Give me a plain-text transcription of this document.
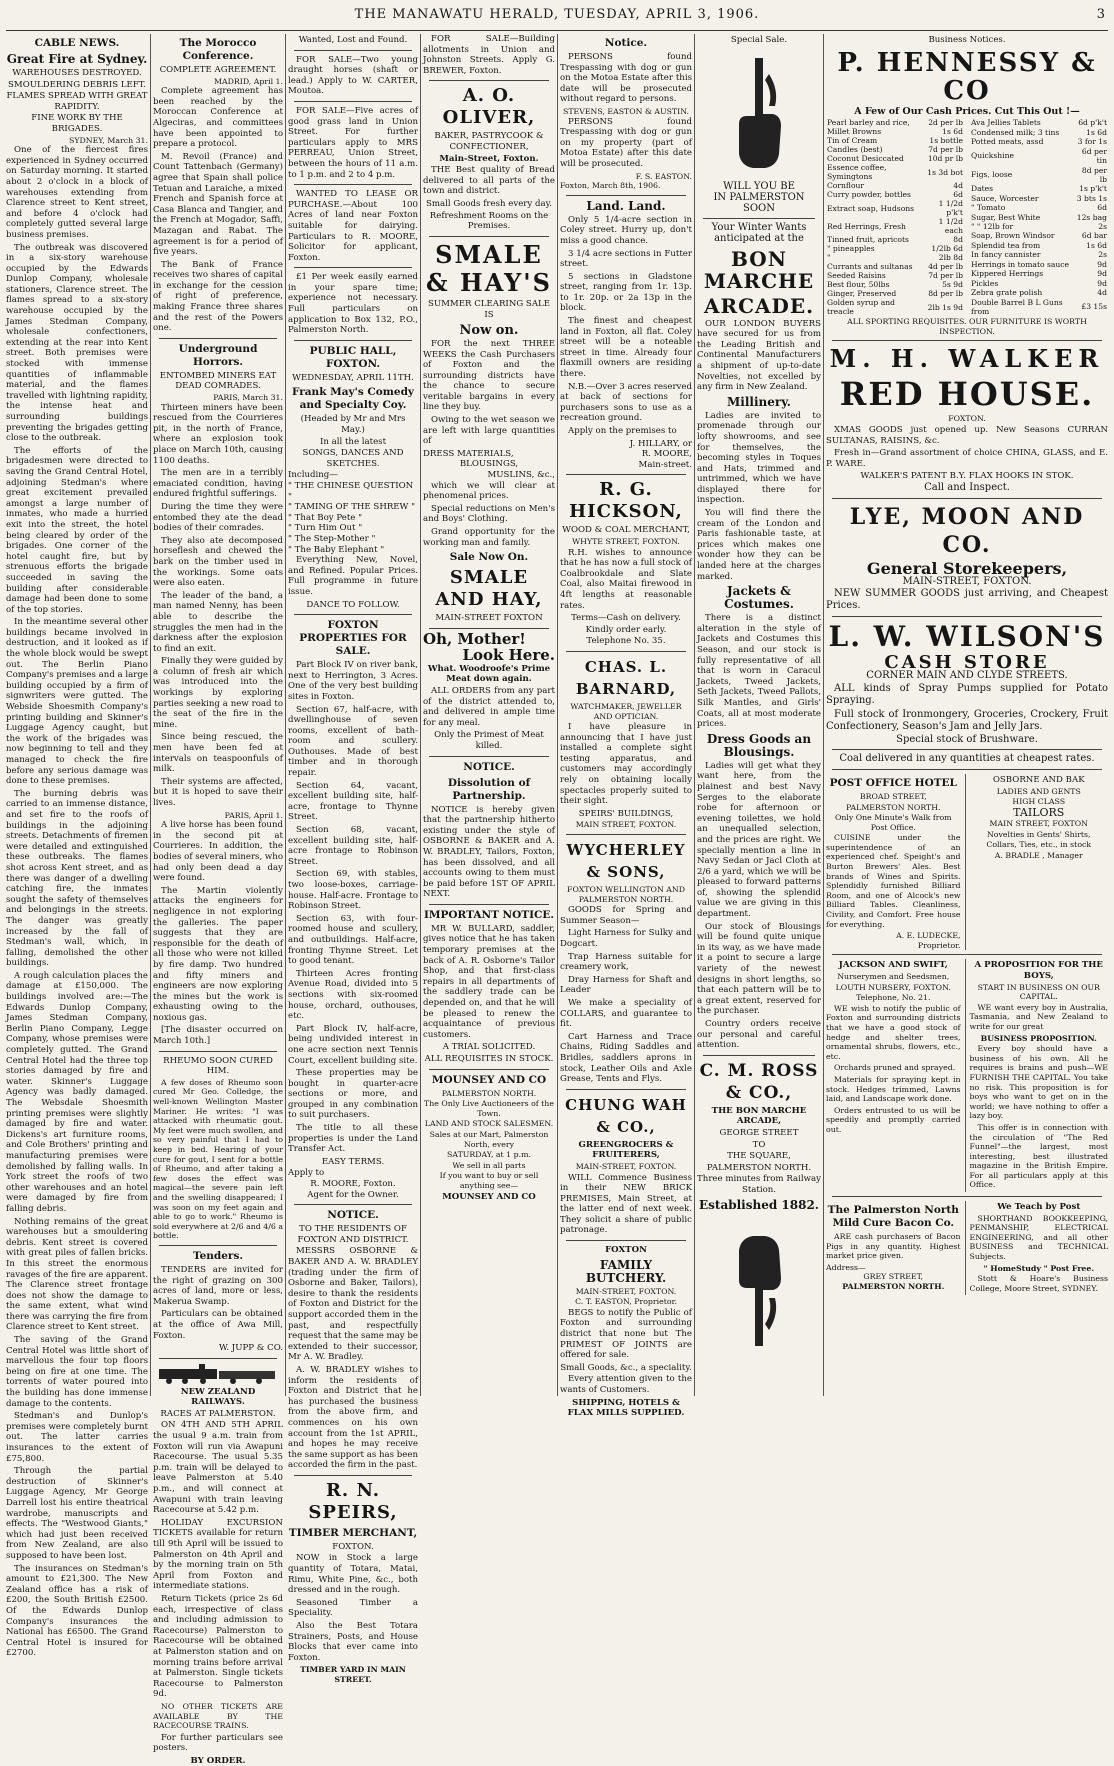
THE MANAWATU HERALD, TUESDAY, APRIL 3, 1906.	3
CABLE NEWS.
Great Fire at Sydney.
WAREHOUSES DESTROYED.
SMOULDERING DEBRIS LEFT.
FLAMES SPREAD WITH GREAT RAPIDITY.
FINE WORK BY THE BRIGADES.
SYDNEY, March 31.

One of the fiercest fires experienced in Sydney occurred on Saturday morning. It started about 2 o'clock in a block of warehouses extending from Clarence street to Kent street, and before 4 o'clock had completely gutted several large business premises.

The outbreak was discovered in a six-story warehouse occupied by the Edwards Dunlop Company, wholesale stationers, Clarence street. The flames spread to a six-story warehouse occupied by the James Stedman Company, wholesale confectioners, extending at the rear into Kent street. Both premises were stocked with immense quantities of inflammable material, and the flames travelled with lightning rapidity, the intense heat and surrounding buildings preventing the brigades getting close to the outbreak.

The efforts of the brigadesmen were directed to saving the Grand Central Hotel, adjoining Stedman's where great excitement prevailed amongst a large number of inmates, who made a hurried exit into the street, the hotel being cleared by order of the brigades. One corner of the hotel caught fire, but by strenuous efforts the brigade succeeded in saving the building after considerable damage had been done to some of the top stories.

In the meantime several other buildings became involved in destruction, and it looked as if the whole block would be swept out. The Berlin Piano Company's premises and a large building occupied by a firm of signwriters were gutted. The Webside Shoesmith Company's printing building and Skinner's Luggage Agency caught, but the work of the brigades was now beginning to tell and they managed to check the fire before any serious damage was done to these premises.

The burning debris was carried to an immense distance, and set fire to the roofs of buildings in the adjoining streets. Detachments of firemen were detailed and extinguished these outbreaks. The flames shot across Kent street, and as there was danger of a dwelling catching fire, the inmates sought the safety of themselves and belongings in the streets. The danger was greatly increased by the fall of Stedman's wall, which, in falling, demolished the other buildings.

A rough calculation places the damage at £150,000. The buildings involved are:—The Edwards Dunlop Company, James Stedman Company, Berlin Piano Company, Legge Company, whose premises were completely gutted. The Grand Central Hotel had the three top stories damaged by fire and water. Skinner's Luggage Agency was badly damaged. The Websdale Shoesmith printing premises were slightly damaged by fire and water. Dickens's art furniture rooms, and Cole Brothers' printing and manufacturing premises were demolished by falling walls. In York street the roofs of two other warehouses and an hotel were damaged by fire from falling debris.

Nothing remains of the great warehouses but a smouldering debris. Kent street is covered with great piles of fallen bricks. In this street the enormous ravages of the fire are apparent. The Clarence street frontage does not show the damage to the same extent, what wind there was carrying the fire from Clarence street to Kent street.

The saving of the Grand Central Hotel was little short of marvellous the four top floors being on fire at one time. The torrents of water poured into the building has done immense damage to the contents.

Stedman's and Dunlop's premises were completely burnt out. The latter carries insurances to the extent of £75,800.

Through the partial destruction of Skinner's Luggage Agency, Mr George Darrell lost his entire theatrical wardrobe, manuscripts and effects. The "Westwood Giants," which had just been received from New Zealand, are also supposed to have been lost.

The insurances on Stedman's amount to £21,300. The New Zealand office has a risk of £200, the South British £2500. Of the Edwards Dunlop Company's insurances the National has £6500. The Grand Central Hotel is insured for £2700.

The Morocco Conference.
COMPLETE AGREEMENT.
MADRID, April 1.

Complete agreement has been reached by the Moroccan Conference at Algeciras, and committees have been appointed to prepare a protocol.

M. Revoil (France) and Count Tattenbach (Germany) agree that Spain shall police Tetuan and Laraiche, a mixed French and Spanish force at Casa Blanca and Tangier, and the French at Mogador, Saffi, Mazagan and Rabat. The agreement is for a period of five years.

The Bank of France receives two shares of capital in exchange for the cession of right of preference, making France three shares and the rest of the Powers one.

Underground Horrors.
ENTOMBED MINERS EAT DEAD COMRADES.
PARIS, March 31.

Thirteen miners have been rescued from the Courrieres pit, in the north of France, where an explosion took place on March 10th, causing 1100 deaths.

The men are in a terribly emaciated condition, having endured frightful sufferings.

During the time they were entombed they ate the dead bodies of their comrades.

They also ate decomposed horseflesh and chewed the bark on the timber used in the workings. Some oats were also eaten.

The leader of the band, a man named Nenny, has been able to describe the struggles the men had in the darkness after the explosion to find an exit.

Finally they were guided by a column of fresh air which was introduced into the workings by exploring parties seeking a new road to the seat of the fire in the mine.

Since being rescued, the men have been fed at intervals on teaspoonfuls of milk.

Their systems are affected, but it is hoped to save their lives.

PARIS, April 1.

A live horse has been found in the second pit at Courrieres. In addition, the bodies of several miners, who had only been dead a day were found.

The Martin violently attacks the engineers for negligence in not exploring the galleries. The paper suggests that they are responsible for the death of all those who were not killed by fire damp. Two hundred and fifty miners and engineers are now exploring the mines but the work is exhausting owing to the noxious gas.

[The disaster occurred on March 10th.]

RHEUMO SOON CURED HIM.

A few doses of Rheumo soon cured Mr Geo. Colledge, the well-known Wellington Master Mariner. He writes: "I was attacked with rheumatic gout. My feet were much swollen, and so very painful that I had to keep in bed. Hearing of your cure for gout, I sent for a bottle of Rheumo, and after taking a few doses the effect was magical—the severe pain left and the swelling disappeared; I was soon on my feet again and able to go to work." Rheumo is sold everywhere at 2/6 and 4/6 a bottle.

Tenders.

TENDERS are invited for the right of grazing on 300 acres of land, more or less, Makerua Swamp.

Particulars can be obtained at the office of Awa Mill, Foxton.

W. JUPP & CO.
NEW ZEALAND RAILWAYS.
RACES AT PALMERSTON.

ON 4TH AND 5TH APRIL the usual 9 a.m. train from Foxton will run via Awapuni Racecourse. The usual 5.35 p.m. train will be delayed to leave Palmerston at 5.40 p.m., and will connect at Awapuni with train leaving Racecourse at 5.42 p.m.

HOLIDAY EXCURSION TICKETS available for return till 9th April will be issued to Palmerston on 4th April and by the morning train on 5th April from Foxton and intermediate stations.

Return Tickets (price 2s 6d each, irrespective of class and including admission to Racecourse) Palmerston to Racecourse will be obtained at Palmerston station and on morning trains before arrival at Palmerston. Single tickets Racecourse to Palmerston 9d.

NO OTHER TICKETS ARE AVAILABLE BY THE RACECOURSE TRAINS.

For further particulars see posters.

BY ORDER.
Wanted, Lost and Found.

FOR SALE—Two young draught horses (shaft or lead.) Apply to W. CARTER, Moutoa.

FOR SALE—Five acres of good grass land in Union Street. For further particulars apply to MRS PERREAU, Union Street, between the hours of 11 a.m. to 1 p.m. and 2 to 4 p.m.

WANTED TO LEASE OR PURCHASE.—About 100 Acres of land near Foxton suitable for dairying. Particulars to R. MOORE, Solicitor for applicant, Foxton.

£1 Per week easily earned in your spare time; experience not necessary. Full particulars on application to Box 132, P.O., Palmerston North.

PUBLIC HALL, FOXTON.
WEDNESDAY, APRIL 11TH.
Frank May's Comedy and Specialty Coy.
(Headed by Mr and Mrs May.)
In all the latest
SONGS, DANCES AND SKETCHES.
Including—
" THE CHINESE QUESTION "
" TAMING OF THE SHREW "
" That Boy Pete "
" Turn Him Out "
" The Step-Mother "
" The Baby Elephant "

Everything New, Novel, and Refined. Popular Prices. Full programme in future issue.

DANCE TO FOLLOW.
FOXTON PROPERTIES FOR SALE.

Part Block IV on river bank, next to Herrington, 3 Acres. One of the very best building sites in Foxton.

Section 67, half-acre, with dwellinghouse of seven rooms, excellent of bath-room and scullery. Outhouses. Made of best timber and in thorough repair.

Section 64, vacant, excellent building site, half-acre, frontage to Thynne Street.

Section 68, vacant, excellent building site, half-acre frontage to Robinson Street.

Section 69, with stables, two loose-boxes, carriage-house. Half-acre. Frontage to Robinson Street.

Section 63, with four-roomed house and scullery, and outbuildings. Half-acre, fronting Thynne Street. Let to good tenant.

Thirteen Acres fronting Avenue Road, divided into 5 sections with six-roomed house, orchard, outhouses, etc.

Part Block IV, half-acre, being undivided interest in one acre section next Tennis Court, excellent building site.

These properties may be bought in quarter-acre sections or more, and grouped in any combination to suit purchasers.

The title to all these properties is under the Land Transfer Act.

EASY TERMS.
Apply to
R. MOORE, Foxton.
Agent for the Owner.
NOTICE.
TO THE RESIDENTS OF FOXTON AND DISTRICT.

MESSRS OSBORNE & BAKER AND A. W. BRADLEY (trading under the firm of Osborne and Baker, Tailors), desire to thank the residents of Foxton and District for the support accorded them in the past, and respectfully request that the same may be extended to their successor, Mr A. W. Bradley.

A. W. BRADLEY wishes to inform the residents of Foxton and District that he has purchased the business from the above firm, and commences on his own account from the 1st APRIL, and hopes he may receive the same support as has been accorded the firm in the past.

R. N. SPEIRS,
TIMBER MERCHANT,
FOXTON.

NOW in Stock a large quantity of Totara, Matai, Rimu, White Pine, &c., both dressed and in the rough.

Seasoned Timber a Speciality.

Also the Best Totara Strainers, Posts, and House Blocks that ever came into Foxton.

TIMBER YARD IN MAIN STREET.

FOR SALE—Building allotments in Union and Johnston Streets. Apply G. BREWER, Foxton.

A. O. OLIVER,
BAKER, PASTRYCOOK & CONFECTIONER,
Main-Street, Foxton.

THE Best quality of Bread delivered to all parts of the town and district.

Small Goods fresh every day.
Refreshment Rooms on the Premises.
SMALE & HAY'S
SUMMER CLEARING SALE
IS
Now on.

FOR the next THREE WEEKS the Cash Purchasers of Foxton and the surrounding districts have the chance to secure veritable bargains in every line they buy.

Owing to the wet season we are left with large quantities of

DRESS MATERIALS,
BLOUSINGS,
MUSLINS, &c.,

which we will clear at phenomenal prices.

Special reductions on Men's and Boys' Clothing.

Grand opportunity for the working man and family.

Sale Now On.
SMALE AND HAY,
MAIN-STREET FOXTON
Oh, Mother!
Look Here.
What. Woodroofe's Prime Meat down again.

ALL ORDERS from any part of the district attended to, and delivered in ample time for any meal.

Only the Primest of Meat killed.
NOTICE.
Dissolution of Partnership.

NOTICE is hereby given that the partnership hitherto existing under the style of OSBORNE & BAKER and A. W. BRADLEY, Tailors, Foxton, has been dissolved, and all accounts owing to them must be paid before 1ST OF APRIL NEXT.

IMPORTANT NOTICE.

MR W. BULLARD, saddler, gives notice that he has taken temporary premises at the back of A. R. Osborne's Tailor Shop, and that first-class repairs in all departments of the saddlery trade can be depended on, and that he will be pleased to renew the acquaintance of previous customers.

A TRIAL SOLICITED.
ALL REQUISITES IN STOCK.
MOUNSEY AND CO
PALMERSTON NORTH.
The Only Live Auctioneers of the Town.
LAND AND STOCK SALESMEN.
Sales at our Mart, Palmerston North, every
SATURDAY, at 1 p.m.
We sell in all parts
If you want to buy or sell anything see—
MOUNSEY AND CO
Notice.

PERSONS found Trespassing with dog or gun on the Motoa Estate after this date will be prosecuted without regard to persons.

STEVENS, EASTON & AUSTIN.

PERSONS found Trespassing with dog or gun on my property (part of Motoa Estate) after this date will be prosecuted.

F. S. EASTON.
Foxton, March 8th, 1906.
Land. Land.

Only 5 1/4-acre section in Coley street. Hurry up, don't miss a good chance.

3 1/4 acre sections in Futter street.

5 sections in Gladstone street, ranging from 1r. 13p. to 1r. 20p. or 2a 13p in the block.

The finest and cheapest land in Foxton, all flat. Coley street will be a noteable street in time. Already four flaxmill owners are residing there.

N.B.—Over 3 acres reserved at back of sections for purchasers sons to use as a recreation ground.

Apply on the premises to

J. HILLARY, or
R. MOORE,
Main-street.
R. G. HICKSON,
WOOD & COAL MERCHANT,
WHYTE STREET, FOXTON.

R.H. wishes to announce that he has now a full stock of Coalbrookdale and Slate Coal, also Maitai firewood in 4ft lengths at reasonable rates.

Terms—Cash on delivery.
Kindly order early.
Telephone No. 35.
CHAS. L. BARNARD,
WATCHMAKER, JEWELLER AND OPTICIAN.

I have pleasure in announcing that I have just installed a complete sight testing apparatus, and customers may accordingly rely on obtaining locally spectacles properly suited to their sight.

SPEIRS' BUILDINGS,
MAIN STREET, FOXTON.
WYCHERLEY & SONS,
FOXTON WELLINGTON AND PALMERSTON NORTH.

GOODS for Spring and Summer Season—

Light Harness for Sulky and Dogcart.

Trap Harness suitable for creamery work,

Dray Harness for Shaft and Leader

We make a speciality of COLLARS, and guarantee to fit.

Cart Harness and Trace Chains, Riding Saddles and Bridles, saddlers aprons in stock, Leather Oils and Axle Grease, Tents and Flys.

CHUNG WAH & CO.,
GREENGROCERS & FRUITERERS,
MAIN-STREET, FOXTON.

WILL Commence Business in their NEW BRICK PREMISES, Main Street, at the latter end of next week. They solicit a share of public patronage.

FOXTON
FAMILY BUTCHERY.
MAIN-STREET, FOXTON.
C. T. EASTON, Proprietor.

BEGS to notify the Public of Foxton and surrounding district that none but The PRIMEST OF JOINTS are offered for sale.

Small Goods, &c., a speciality.

Every attention given to the wants of Customers.

SHIPPING, HOTELS & FLAX MILLS SUPPLIED.
Special Sale.
WILL YOU BE
IN PALMERSTON SOON
Your Winter Wants anticipated at the
BON MARCHE
ARCADE.

OUR LONDON BUYERS have secured for us from the Leading British and Continental Manufacturers a shipment of up-to-date Novelties, not excelled by any firm in New Zealand.

Millinery.

Ladies are invited to promenade through our lofty showrooms, and see for themselves, the becoming styles in Toques and Hats, trimmed and untrimmed, which we have displayed there for inspection.

You will find there the cream of the London and Paris fashionable taste, at prices which makes one wonder how they can be landed here at the charges marked.

Jackets & Costumes.

There is a distinct alteration in the style of Jackets and Costumes this Season, and our stock is fully representative of all that is worn in Caracul Jackets, Tweed Jackets, Seth Jackets, Tweed Pallots, Silk Mantles, and Girls' Coats, all at most moderate prices.

Dress Goods an Blousings.

Ladies will get what they want here, from the plainest and best Navy Serges to the elaborate robe for afternoon or evening toilettes, we hold an unequalled selection, and the prices are right. We specially mention a line in Navy Sedan or Jacl Cloth at 2/6 a yard, which we will be pleased to forward patterns of, showing the splendid value we are giving in this department.

Our stock of Blousings will be found quite unique in its way, as we have made it a point to secure a large variety of the newest designs in short lengths, so that each pattern will be to a great extent, reserved for the purchaser.

Country orders receive our personal and careful attention.

C. M. ROSS & CO.,
THE BON MARCHE ARCADE,
GEORGE STREET
TO
THE SQUARE,
PALMERSTON NORTH.
Three minutes from Railway Station.
Established 1882.
Business Notices.
P. HENNESSY & CO
A Few of Our Cash Prices. Cut This Out !—
Pearl barley and rice,	2d per lb
Millet Browns	1s 6d
Tin of Cream	1s bottle
Candles (best)	7d per lb
Coconut Desiccated	10d pr lb
Essence coffee, Symingtons	1s 3d bot
Cornflour	4d
Curry powder, bottles	6d
Extract soap, Hudsons	1 1/2d p'k't
Red Herrings, Fresh	1 1/2d each
Tinned fruit, apricots	8d
" pineapples	1/2lb 6d
"	2lb 8d
Currants and sultanas	4d per lb
Seeded Raisins	7d per lb
Best flour, 50lbs	5s 9d
Ginger, Preserved	8d per lb
Golden syrup and treacle	2lb 1s 9d
Ava Jellies Tablets	6d p'k't
Condensed milk; 3 tins	1s 6d
Potted meats, assd	3 for 1s
Quickshine	6d per tin
Figs, loose	8d per lb
Dates	1s p'k't
Sauce, Worcester	3 bts 1s
" Tomato	6d
Sugar, Best White	12s bag
" " 12lb for	2s
Soap, Brown Windsor	6d bar
Splendid tea from	1s 6d
In fancy cannister	2s
Herrings in tomato sauce	9d
Kippered Herrings	9d
Pickles	9d
Zebra grate polish	4d
Double Barrel B L Guns from	£3 15s
ALL SPORTING REQUISITES. OUR FURNITURE IS WORTH INSPECTION.
M. H. WALKER
RED HOUSE.
FOXTON.

XMAS GOODS just opened up. New Seasons CURRAN SULTANAS, RAISINS, &c.

Fresh in—Grand assortment of choice CHINA, GLASS, and E. P. WARE.

WALKER'S PATENT B.Y. FLAX HOOKS IN STOK.
Call and Inspect.
LYE, MOON AND CO.
General Storekeepers,
MAIN-STREET, FOXTON.

NEW SUMMER GOODS just arriving, and Cheapest Prices.

L. W. WILSON'S
CASH STORE
CORNER MAIN AND CLYDE STREETS.

ALL kinds of Spray Pumps supplied for Potato Spraying.

Full stock of Ironmongery, Groceries, Crockery, Fruit Confectionery, Season's Jam and Jelly Jars.

Special stock of Brushware.
Coal delivered in any quantities at cheapest rates.
POST OFFICE HOTEL
BROAD STREET,
PALMERSTON NORTH.
Only One Minute's Walk from Post Office.

CUISINE under the superintendence of an experienced chef. Speight's and Burton Brewers' Ales. Best brands of Wines and Spirits. Splendidly furnished Billiard Room, and one of Alcock's new Billiard Tables. Cleanliness, Civility, and Comfort. Free house for everything.

A. E. LUDECKE,
Proprietor.
OSBORNE AND BAK
LADIES AND GENTS
HIGH CLASS
TAILORS
MAIN STREET, FOXTON
Novelties in Gents' Shirts,
Collars, Ties, etc., in stock
A. BRADLE , Manager
JACKSON AND SWIFT,
Nurserymen and Seedsmen,
LOUTH NURSERY, FOXTON.
Telephone, No. 21.

WE wish to notify the public of Foxton and surrounding districts that we have a good stock of hedge and shelter trees, ornamental shrubs, flowers, etc., etc.

Orchards pruned and sprayed.

Materials for spraying kept in stock. Hedges trimmed, Lawns laid, and Landscape work done.

Orders entrusted to us will be speedily and promptly carried out.

A PROPOSITION FOR THE BOYS,
START IN BUSINESS ON OUR CAPITAL.

WE want every boy in Australia, Tasmania, and New Zealand to write for our great

BUSINESS PROPOSITION.

Every boy should have a business of his own. All he requires is brains and push—WE FURNISH THE CAPITAL. You take no risk. This proposition is for boys who want to get on in the world; we have nothing to offer a lazy boy.

This offer is in connection with the circulation of "The Red Funnel"—the largest, most interesting, best illustrated magazine in the British Empire. For all particulars apply at this Office.

The Palmerston North Mild Cure Bacon Co.

ARE cash purchasers of Bacon Pigs in any quantity. Highest market price given.

Address—
GREY STREET,
PALMERSTON NORTH.
We Teach by Post

SHORTHAND BOOKKEEPING, PENMANSHIP, ELECTRICAL ENGINEERING, and all other BUSINESS and TECHNICAL Subjects.

" HomeStudy " Post Free.

Stott & Hoare's Business College, Moore Street, SYDNEY.
